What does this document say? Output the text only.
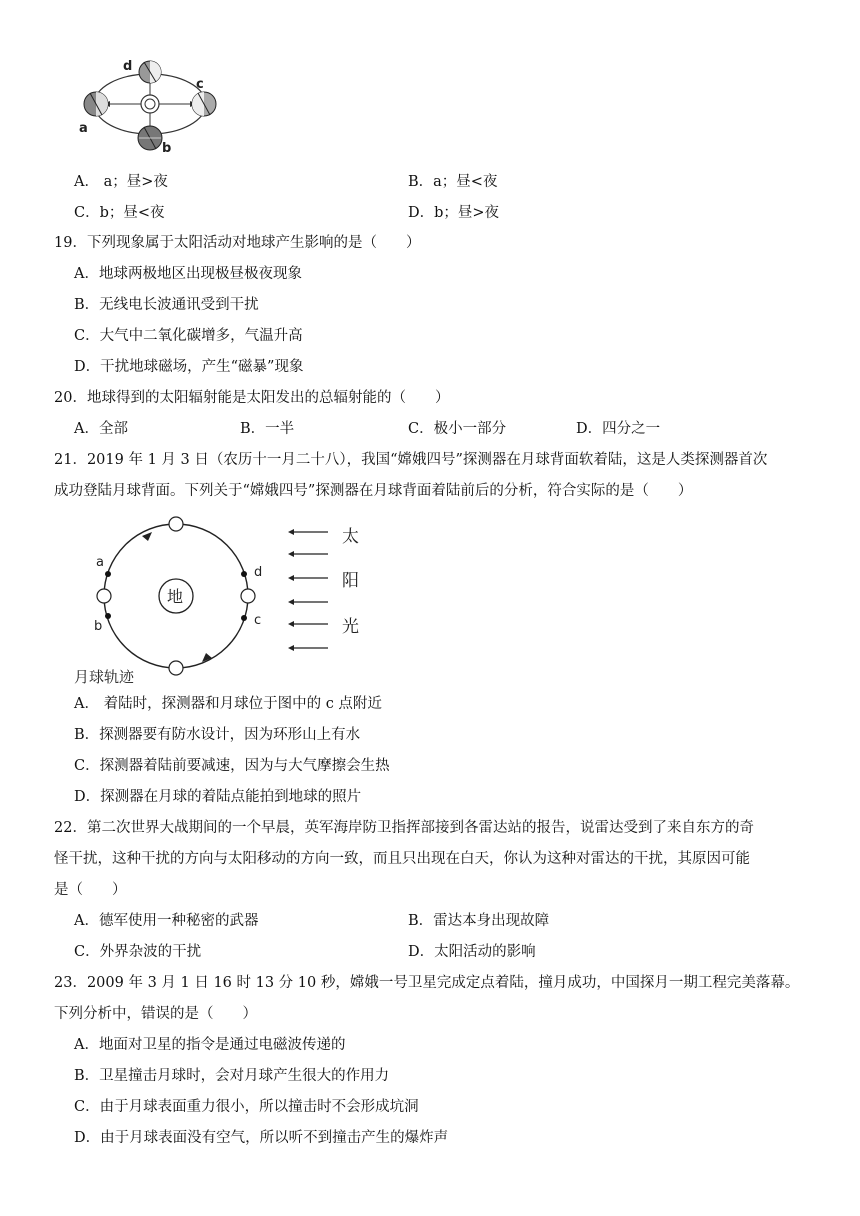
a
b
c
d
A． a；昼>夜	B．a；昼<夜
C．b；昼<夜	D．b；昼>夜
19．下列现象属于太阳活动对地球产生影响的是（　　）
A．地球两极地区出现极昼极夜现象
B．无线电长波通讯受到干扰
C．大气中二氧化碳增多，气温升高
D．干扰地球磁场，产生“磁暴”现象
20．地球得到的太阳辐射能是太阳发出的总辐射能的（　　）
A．全部	B．一半	C．极小一部分	D．四分之一
21．2019 年 1 月 3 日（农历十一月二十八），我国“嫦娥四号”探测器在月球背面软着陆，这是人类探测器首次
成功登陆月球背面。下列关于“嫦娥四号”探测器在月球背面着陆前后的分析，符合实际的是（　　）
地
a
b	c
d
太
阳
光
月球轨迹
A． 着陆时，探测器和月球位于图中的 c 点附近
B．探测器要有防水设计，因为环形山上有水
C．探测器着陆前要减速，因为与大气摩擦会生热
D．探测器在月球的着陆点能拍到地球的照片
22．第二次世界大战期间的一个早晨，英军海岸防卫指挥部接到各雷达站的报告，说雷达受到了来自东方的奇
怪干扰，这种干扰的方向与太阳移动的方向一致，而且只出现在白天，你认为这种对雷达的干扰，其原因可能
是（　　）
A．德军使用一种秘密的武器	B．雷达本身出现故障
C．外界杂波的干扰	D．太阳活动的影响
23．2009 年 3 月 1 日 16 时 13 分 10 秒，嫦娥一号卫星完成定点着陆，撞月成功，中国探月一期工程完美落幕。
下列分析中，错误的是（　　）
A．地面对卫星的指令是通过电磁波传递的
B．卫星撞击月球时，会对月球产生很大的作用力
C．由于月球表面重力很小，所以撞击时不会形成坑洞
D．由于月球表面没有空气，所以听不到撞击产生的爆炸声
